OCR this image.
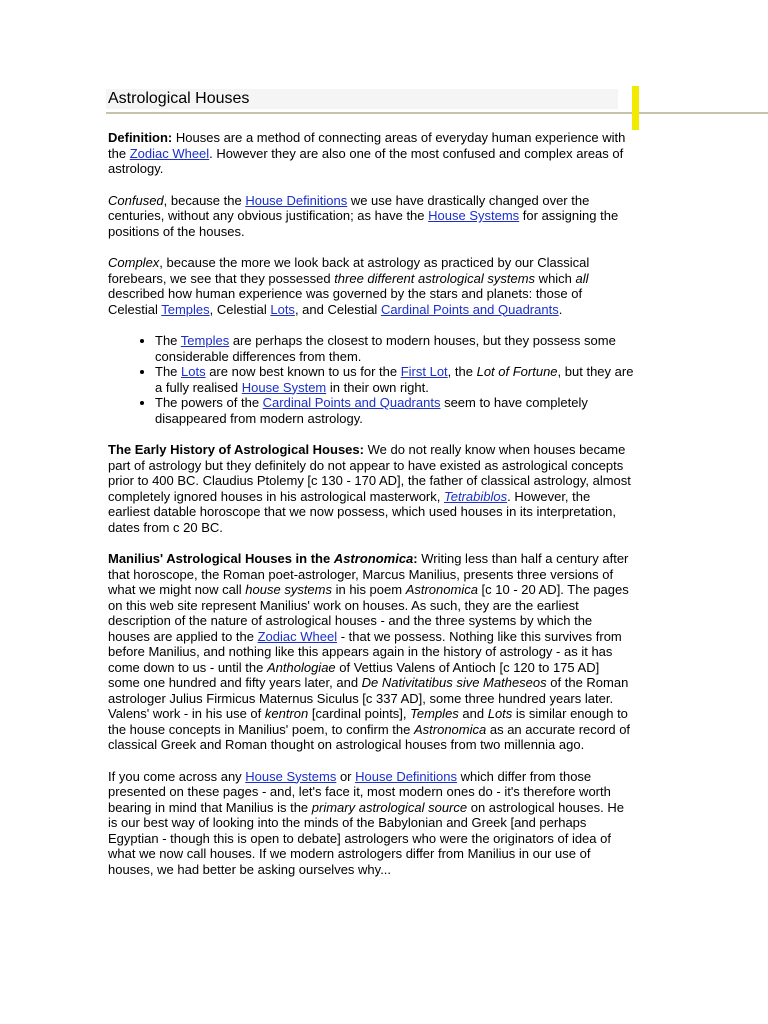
Astrological Houses

Definition: Houses are a method of connecting areas of everyday human experience with the Zodiac Wheel. However they are also one of the most confused and complex areas of astrology.

Confused, because the House Definitions we use have drastically changed over the centuries, without any obvious justification; as have the House Systems for assigning the positions of the houses.

Complex, because the more we look back at astrology as practiced by our Classical forebears, we see that they possessed three different astrological systems which all described how human experience was governed by the stars and planets: those of Celestial Temples, Celestial Lots, and Celestial Cardinal Points and Quadrants.

• The Temples are perhaps the closest to modern houses, but they possess some considerable differences from them.
• The Lots are now best known to us for the First Lot, the Lot of Fortune, but they are a fully realised House System in their own right.
• The powers of the Cardinal Points and Quadrants seem to have completely disappeared from modern astrology.

The Early History of Astrological Houses: We do not really know when houses became part of astrology but they definitely do not appear to have existed as astrological concepts prior to 400 BC. Claudius Ptolemy [c 130 - 170 AD], the father of classical astrology, almost completely ignored houses in his astrological masterwork, Tetrabiblos. However, the earliest datable horoscope that we now possess, which used houses in its interpretation, dates from c 20 BC.

Manilius' Astrological Houses in the Astronomica: Writing less than half a century after that horoscope, the Roman poet-astrologer, Marcus Manilius, presents three versions of what we might now call house systems in his poem Astronomica [c 10 - 20 AD]. The pages on this web site represent Manilius' work on houses. As such, they are the earliest description of the nature of astrological houses - and the three systems by which the houses are applied to the Zodiac Wheel - that we possess. Nothing like this survives from before Manilius, and nothing like this appears again in the history of astrology - as it has come down to us - until the Anthologiae of Vettius Valens of Antioch [c 120 to 175 AD] some one hundred and fifty years later, and De Nativitatibus sive Matheseos of the Roman astrologer Julius Firmicus Maternus Siculus [c 337 AD], some three hundred years later. Valens' work - in his use of kentron [cardinal points], Temples and Lots is similar enough to the house concepts in Manilius' poem, to confirm the Astronomica as an accurate record of classical Greek and Roman thought on astrological houses from two millennia ago.

If you come across any House Systems or House Definitions which differ from those presented on these pages - and, let's face it, most modern ones do - it's therefore worth bearing in mind that Manilius is the primary astrological source on astrological houses. He is our best way of looking into the minds of the Babylonian and Greek [and perhaps Egyptian - though this is open to debate] astrologers who were the originators of idea of what we now call houses. If we modern astrologers differ from Manilius in our use of houses, we had better be asking ourselves why...
